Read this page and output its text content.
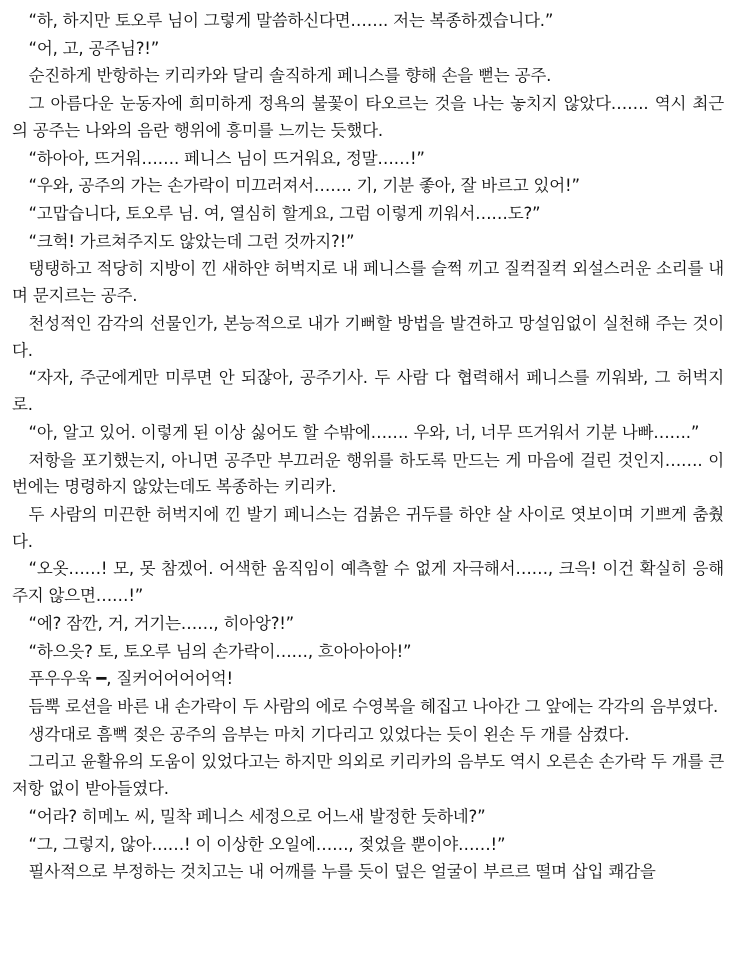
“하, 하지만 토오루 님이 그렇게 말씀하신다면……. 저는 복종하겠습니다.”

“어, 고, 공주님?!”

순진하게 반항하는 키리카와 달리 솔직하게 페니스를 향해 손을 뻗는 공주.

그 아름다운 눈동자에 희미하게 정욕의 불꽃이 타오르는 것을 나는 놓치지 않았다……. 역시 최근의 공주는 나와의 음란 행위에 흥미를 느끼는 듯했다.

“하아아, 뜨거워……. 페니스 님이 뜨거워요, 정말……!”

“우와, 공주의 가는 손가락이 미끄러져서……. 기, 기분 좋아, 잘 바르고 있어!”

“고맙습니다, 토오루 님. 여, 열심히 할게요, 그럼 이렇게 끼워서……도?”

“크헉! 가르쳐주지도 않았는데 그런 것까지?!”

탱탱하고 적당히 지방이 낀 새하얀 허벅지로 내 페니스를 슬쩍 끼고 질컥질컥 외설스러운 소리를 내며 문지르는 공주.

천성적인 감각의 선물인가, 본능적으로 내가 기뻐할 방법을 발견하고 망설임없이 실천해 주는 것이다.

“자자, 주군에게만 미루면 안 되잖아, 공주기사. 두 사람 다 협력해서 페니스를 끼워봐, 그 허벅지로.

“아, 알고 있어. 이렇게 된 이상 싫어도 할 수밖에……. 우와, 너, 너무 뜨거워서 기분 나빠…….”

저항을 포기했는지, 아니면 공주만 부끄러운 행위를 하도록 만드는 게 마음에 걸린 것인지……. 이번에는 명령하지 않았는데도 복종하는 키리카.

두 사람의 미끈한 허벅지에 낀 발기 페니스는 검붉은 귀두를 하얀 살 사이로 엿보이며 기쁘게 춤췄다.

“오옷……! 모, 못 참겠어. 어색한 움직임이 예측할 수 없게 자극해서……, 크윽! 이건 확실히 응해주지 않으면……!”

“에? 잠깐, 거, 거기는……, 히아앙?!”

“하으읏? 토, 토오루 님의 손가락이……, 흐아아아아!”

푸우우욱 ━, 질커어어어어억!

듬뿍 로션을 바른 내 손가락이 두 사람의 에로 수영복을 헤집고 나아간 그 앞에는 각각의 음부였다.

생각대로 흠뻑 젖은 공주의 음부는 마치 기다리고 있었다는 듯이 왼손 두 개를 삼켰다.

그리고 윤활유의 도움이 있었다고는 하지만 의외로 키리카의 음부도 역시 오른손 손가락 두 개를 큰 저항 없이 받아들였다.

“어라? 히메노 씨, 밀착 페니스 세정으로 어느새 발정한 듯하네?”

“그, 그렇지, 않아……! 이 이상한 오일에……, 젖었을 뿐이야……!”

필사적으로 부정하는 것치고는 내 어깨를 누를 듯이 덮은 얼굴이 부르르 떨며 삽입 쾌감을
